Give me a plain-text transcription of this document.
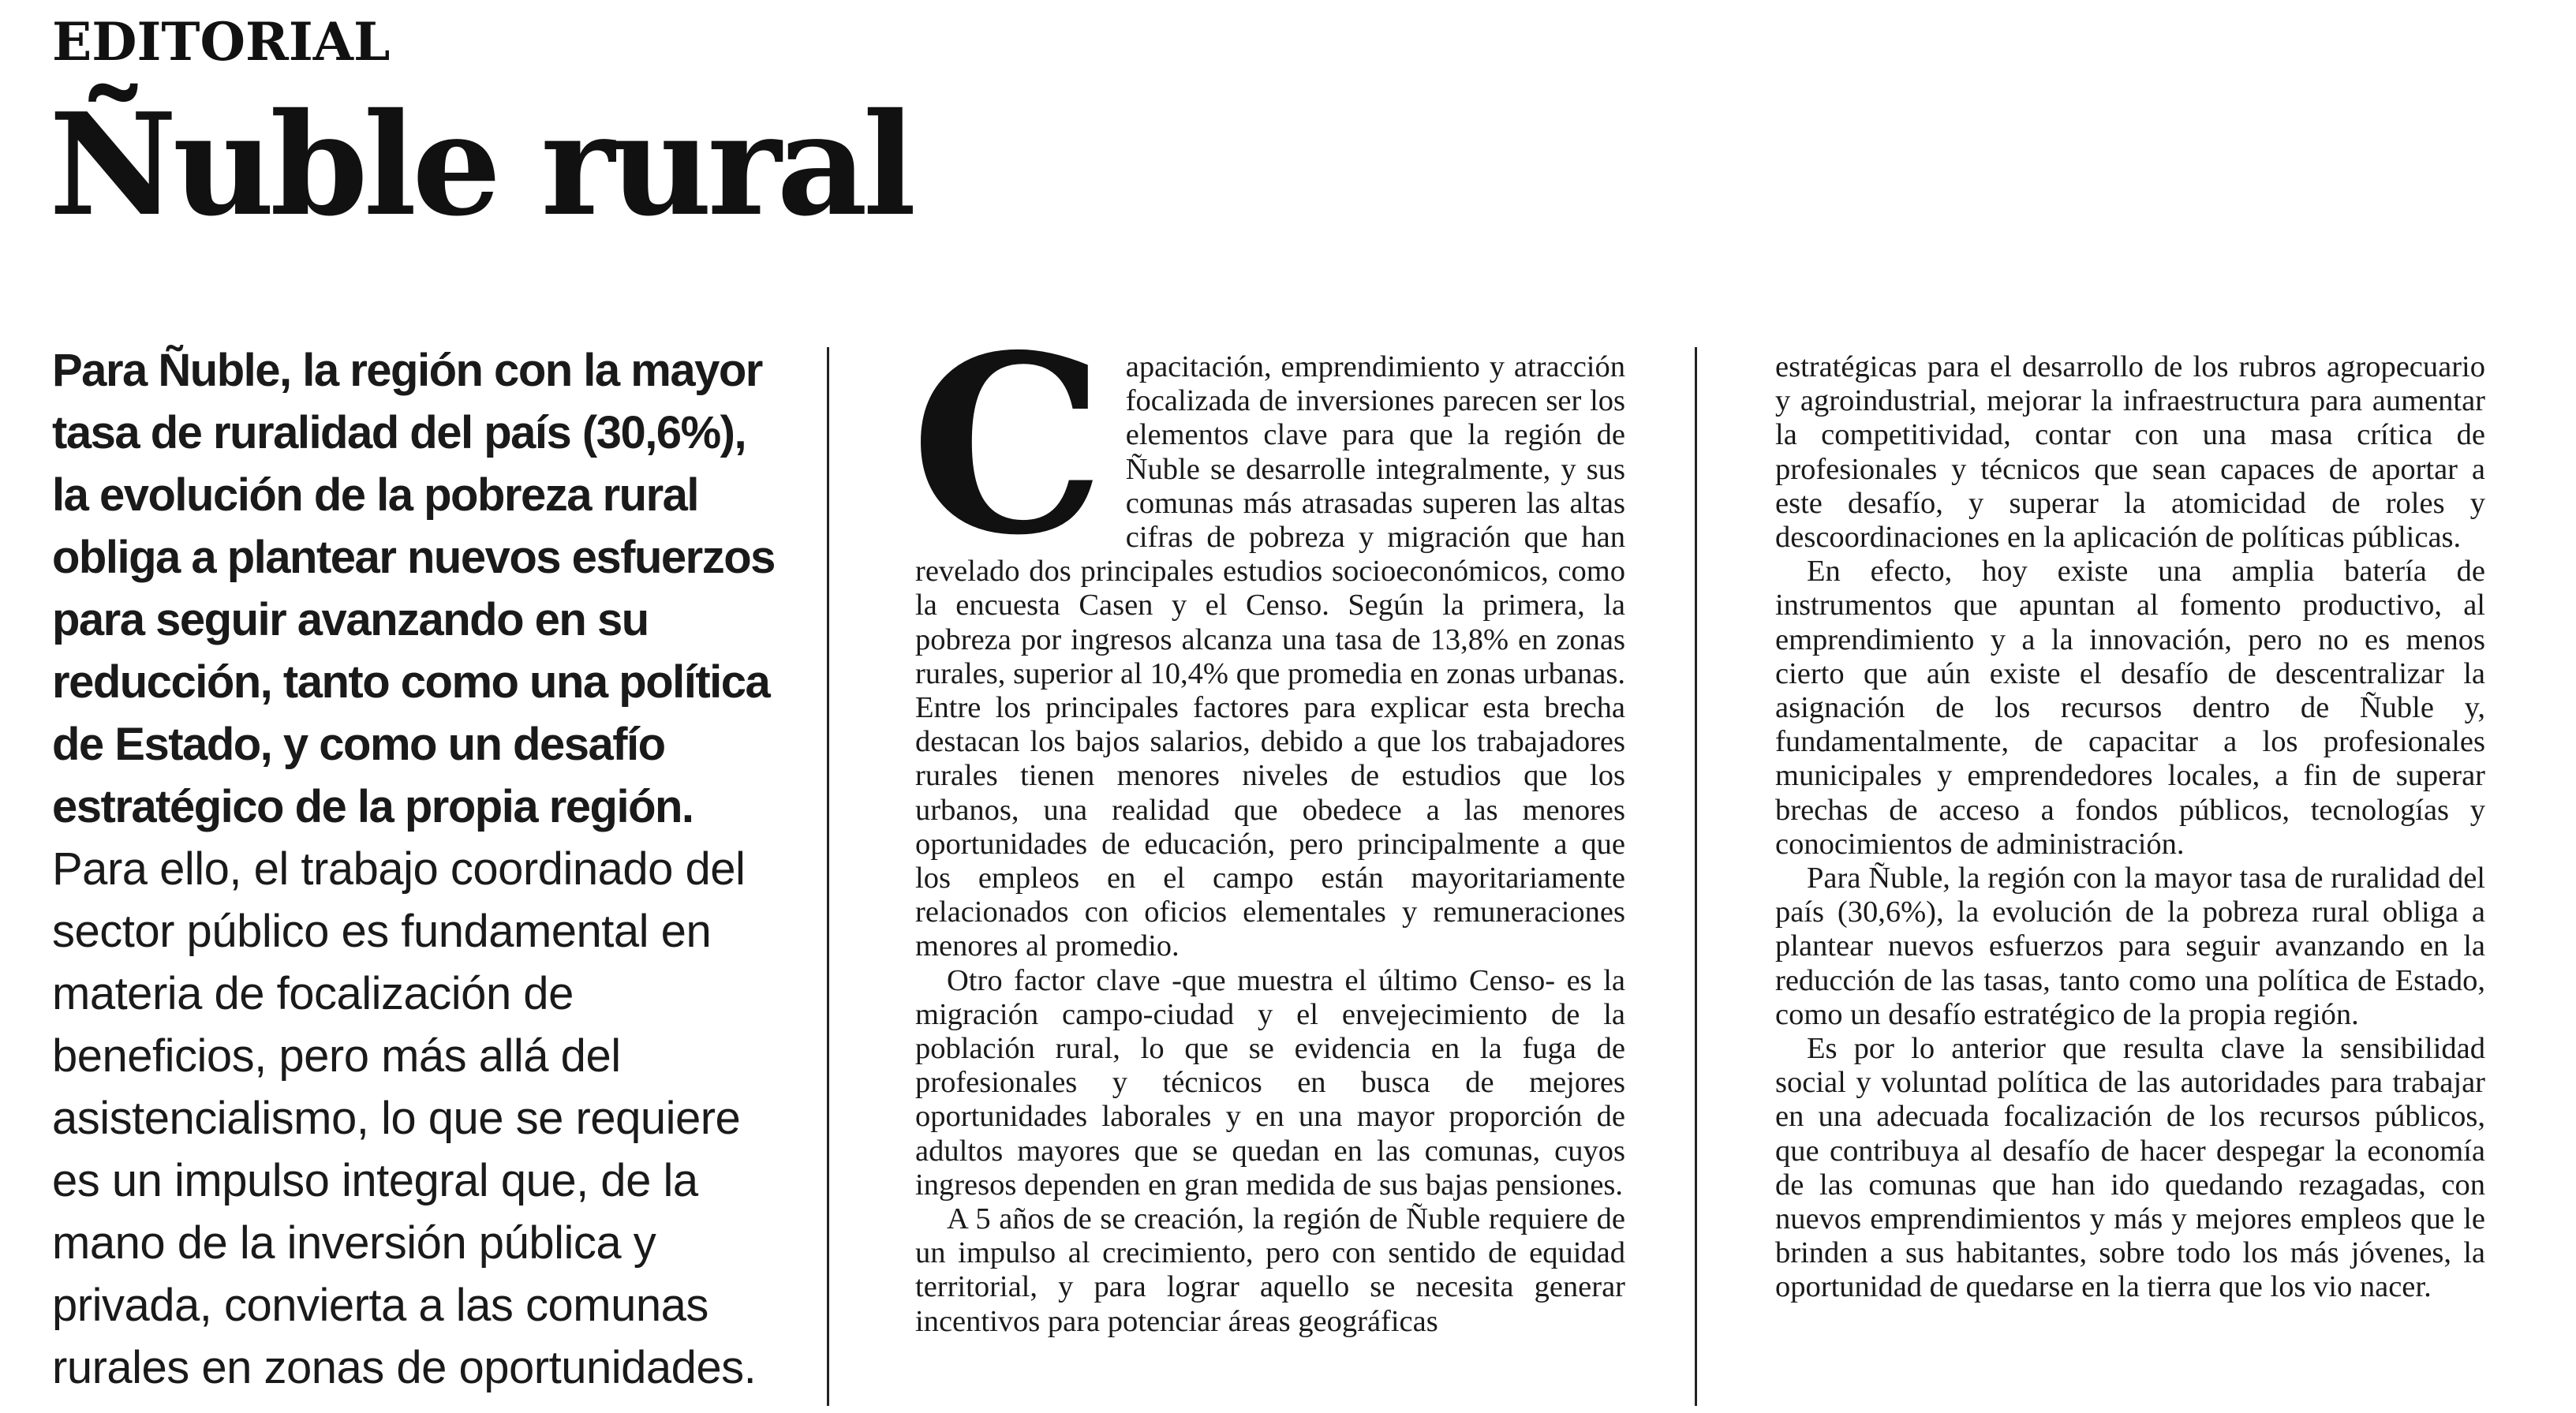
EDITORIAL
Ñuble rural
Para Ñuble, la región con la mayor tasa de ruralidad del país (30,6%), la evolución de la pobreza rural obliga a plantear nuevos esfuerzos para seguir avanzando en su reducción, tanto como una política de Estado, y como un desafío estratégico de la propia región. Para ello, el trabajo coordinado del sector público es fundamental en materia de focalización de beneficios, pero más allá del asistencialismo, lo que se requiere es un impulso integral que, de la mano de la inversión pública y privada, convierta a las comunas rurales en zonas de oportunidades.

Capacitación, emprendimiento y atracción focalizada de inversiones parecen ser los elementos clave para que la región de Ñuble se desarrolle integralmente, y sus comunas más atrasadas superen las altas cifras de pobreza y migración que han revelado dos principales estudios socioeconómicos, como la encuesta Casen y el Censo. Según la primera, la pobreza por ingresos alcanza una tasa de 13,8% en zonas rurales, superior al 10,4% que promedia en zonas urbanas. Entre los principales factores para explicar esta brecha destacan los bajos salarios, debido a que los trabajadores rurales tienen menores niveles de estudios que los urbanos, una realidad que obedece a las menores oportunidades de educación, pero principalmente a que los empleos en el campo están mayoritariamente relacionados con oficios elementales y remuneraciones menores al promedio.

Otro factor clave -que muestra el último Censo- es la migración campo-ciudad y el envejecimiento de la población rural, lo que se evidencia en la fuga de profesionales y técnicos en busca de mejores oportunidades laborales y en una mayor proporción de adultos mayores que se quedan en las comunas, cuyos ingresos dependen en gran medida de sus bajas pensiones.

A 5 años de se creación, la región de Ñuble requiere de un impulso al crecimiento, pero con sentido de equidad territorial, y para lograr aquello se necesita generar incentivos para potenciar áreas geográficas

estratégicas para el desarrollo de los rubros agropecuario y agroindustrial, mejorar la infraestructura para aumentar la competitividad, contar con una masa crítica de profesionales y técnicos que sean capaces de aportar a este desafío, y superar la atomicidad de roles y descoordinaciones en la aplicación de políticas públicas.

En efecto, hoy existe una amplia batería de instrumentos que apuntan al fomento productivo, al emprendimiento y a la innovación, pero no es menos cierto que aún existe el desafío de descentralizar la asignación de los recursos dentro de Ñuble y, fundamentalmente, de capacitar a los profesionales municipales y emprendedores locales, a fin de superar brechas de acceso a fondos públicos, tecnologías y conocimientos de administración.

Para Ñuble, la región con la mayor tasa de ruralidad del país (30,6%), la evolución de la pobreza rural obliga a plantear nuevos esfuerzos para seguir avanzando en la reducción de las tasas, tanto como una política de Estado, como un desafío estratégico de la propia región.

Es por lo anterior que resulta clave la sensibilidad social y voluntad política de las autoridades para trabajar en una adecuada focalización de los recursos públicos, que contribuya al desafío de hacer despegar la economía de las comunas que han ido quedando rezagadas, con nuevos emprendimientos y más y mejores empleos que le brinden a sus habitantes, sobre todo los más jóvenes, la oportunidad de quedarse en la tierra que los vio nacer.
